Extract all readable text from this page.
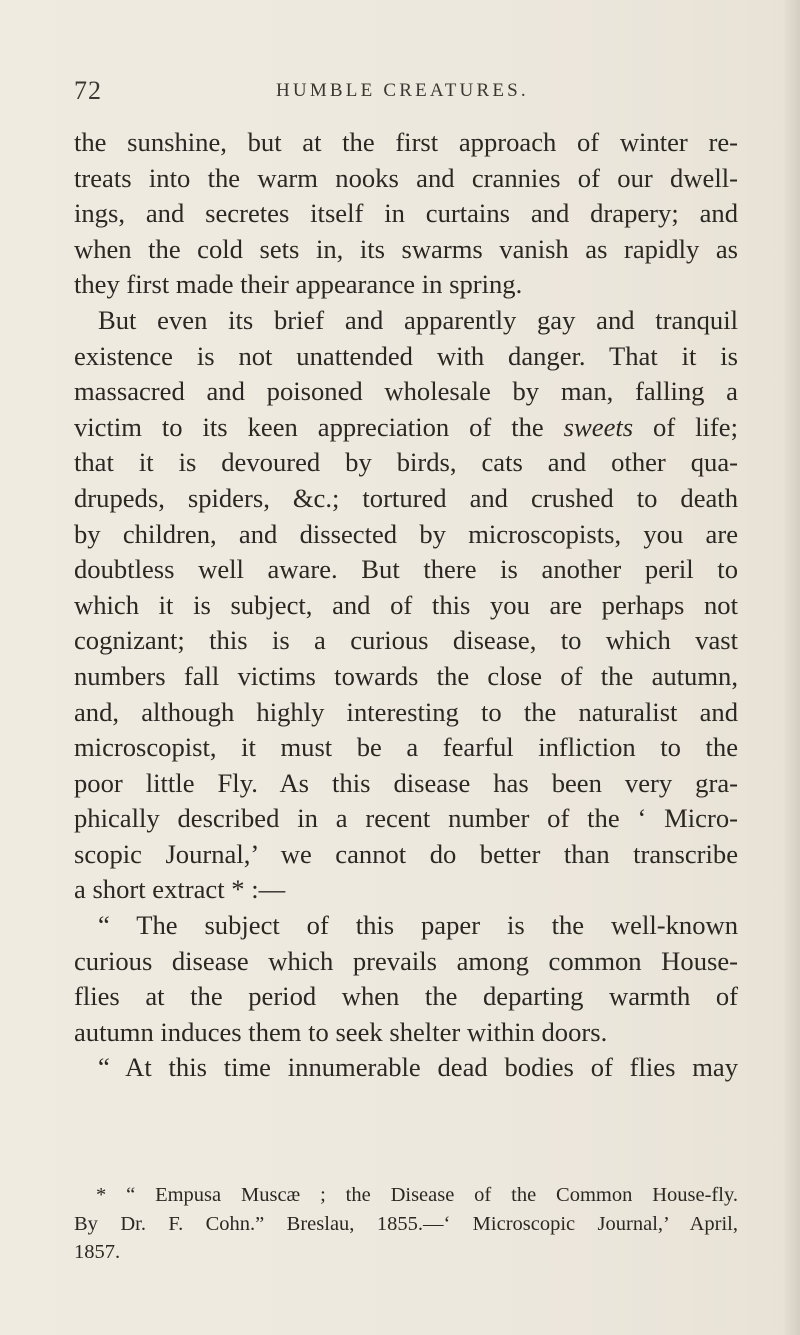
72	HUMBLE CREATURES.
the sunshine, but at the first approach of winter re-
treats into the warm nooks and crannies of our dwell-
ings, and secretes itself in curtains and drapery; and
when the cold sets in, its swarms vanish as rapidly as
they first made their appearance in spring.
But even its brief and apparently gay and tranquil
existence is not unattended with danger. That it is
massacred and poisoned wholesale by man, falling a
victim to its keen appreciation of the sweets of life;
that it is devoured by birds, cats and other qua-
drupeds, spiders, &c.; tortured and crushed to death
by children, and dissected by microscopists, you are
doubtless well aware. But there is another peril to
which it is subject, and of this you are perhaps not
cognizant; this is a curious disease, to which vast
numbers fall victims towards the close of the autumn,
and, although highly interesting to the naturalist and
microscopist, it must be a fearful infliction to the
poor little Fly. As this disease has been very gra-
phically described in a recent number of the ‘ Micro-
scopic Journal,’ we cannot do better than transcribe
a short extract * :—
“ The subject of this paper is the well-known
curious disease which prevails among common House-
flies at the period when the departing warmth of
autumn induces them to seek shelter within doors.
“ At this time innumerable dead bodies of flies may
* “ Empusa Muscæ ; the Disease of the Common House-fly.
By Dr. F. Cohn.” Breslau, 1855.—‘ Microscopic Journal,’ April,
1857.
